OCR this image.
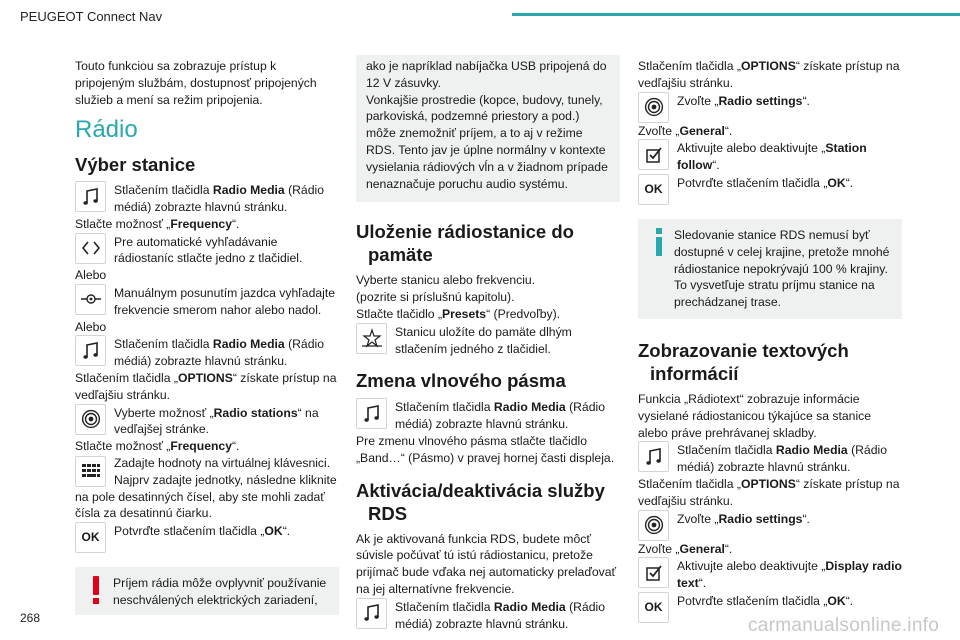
PEUGEOT Connect Nav

Touto funkciou sa zobrazuje prístup k pripojeným službám, dostupnosť pripojených služieb a mení sa režim pripojenia.

Rádio
Výber stanice
Stlačením tlačidla Radio Media (Rádio médiá) zobrazte hlavnú stránku.

Stlačte možnosť „Frequency“.

Pre automatické vyhľadávanie rádiostaníc stlačte jedno z tlačidiel.

Alebo

Manuálnym posunutím jazdca vyhľadajte frekvencie smerom nahor alebo nadol.

Alebo

Stlačením tlačidla Radio Media (Rádio médiá) zobrazte hlavnú stránku.

Stlačením tlačidla „OPTIONS“ získate prístup na vedľajšiu stránku.

Vyberte možnosť „Radio stations“ na vedľajšej stránke.

Stlačte možnosť „Frequency“.

Zadajte hodnoty na virtuálnej klávesnici. Najprv zadajte jednotky, následne kliknite na pole desatinných čísel, aby ste mohli zadať čísla za desatinnú čiarku.
OK Potvrďte stlačením tlačidla „OK“.
Príjem rádia môže ovplyvniť používanie neschválených elektrických zariadení,
ako je napríklad nabíjačka USB pripojená do 12 V zásuvky.
Vonkajšie prostredie (kopce, budovy, tunely, parkoviská, podzemné priestory a pod.) môže znemožniť príjem, a to aj v režime RDS. Tento jav je úplne normálny v kontexte vysielania rádiových vĺn a v žiadnom prípade nenaznačuje poruchu audio systému.
Uloženie rádiostanice do pamäte

Vyberte stanicu alebo frekvenciu.
(pozrite si príslušnú kapitolu).

Stlačte tlačidlo „Presets“ (Predvoľby).

Stanicu uložíte do pamäte dlhým stlačením jedného z tlačidiel.
Zmena vlnového pásma
Stlačením tlačidla Radio Media (Rádio médiá) zobrazte hlavnú stránku.

Pre zmenu vlnového pásma stlačte tlačidlo „Band…“ (Pásmo) v pravej hornej časti displeja.

Aktivácia/deaktivácia služby RDS

Ak je aktivovaná funkcia RDS, budete môcť súvisle počúvať tú istú rádiostanicu, pretože prijímač bude vďaka nej automaticky prelaďovať na jej alternatívne frekvencie.

Stlačením tlačidla Radio Media (Rádio médiá) zobrazte hlavnú stránku.

Stlačením tlačidla „OPTIONS“ získate prístup na vedľajšiu stránku.

Zvoľte „Radio settings“.

Zvoľte „General“.

Aktivujte alebo deaktivujte „Station follow“.
OK Potvrďte stlačením tlačidla „OK“.
Sledovanie stanice RDS nemusí byť dostupné v celej krajine, pretože mnohé rádiostanice nepokrývajú 100 % krajiny. To vysvetľuje stratu príjmu stanice na prechádzanej trase.
Zobrazovanie textových informácií

Funkcia „Rádiotext“ zobrazuje informácie vysielané rádiostanicou týkajúce sa stanice alebo práve prehrávanej skladby.

Stlačením tlačidla Radio Media (Rádio médiá) zobrazte hlavnú stránku.

Stlačením tlačidla „OPTIONS“ získate prístup na vedľajšiu stránku.

Zvoľte „Radio settings“.

Zvoľte „General“.

Aktivujte alebo deaktivujte „Display radio text“.
OK Potvrďte stlačením tlačidla „OK“.
268	carmanualsonline.info
